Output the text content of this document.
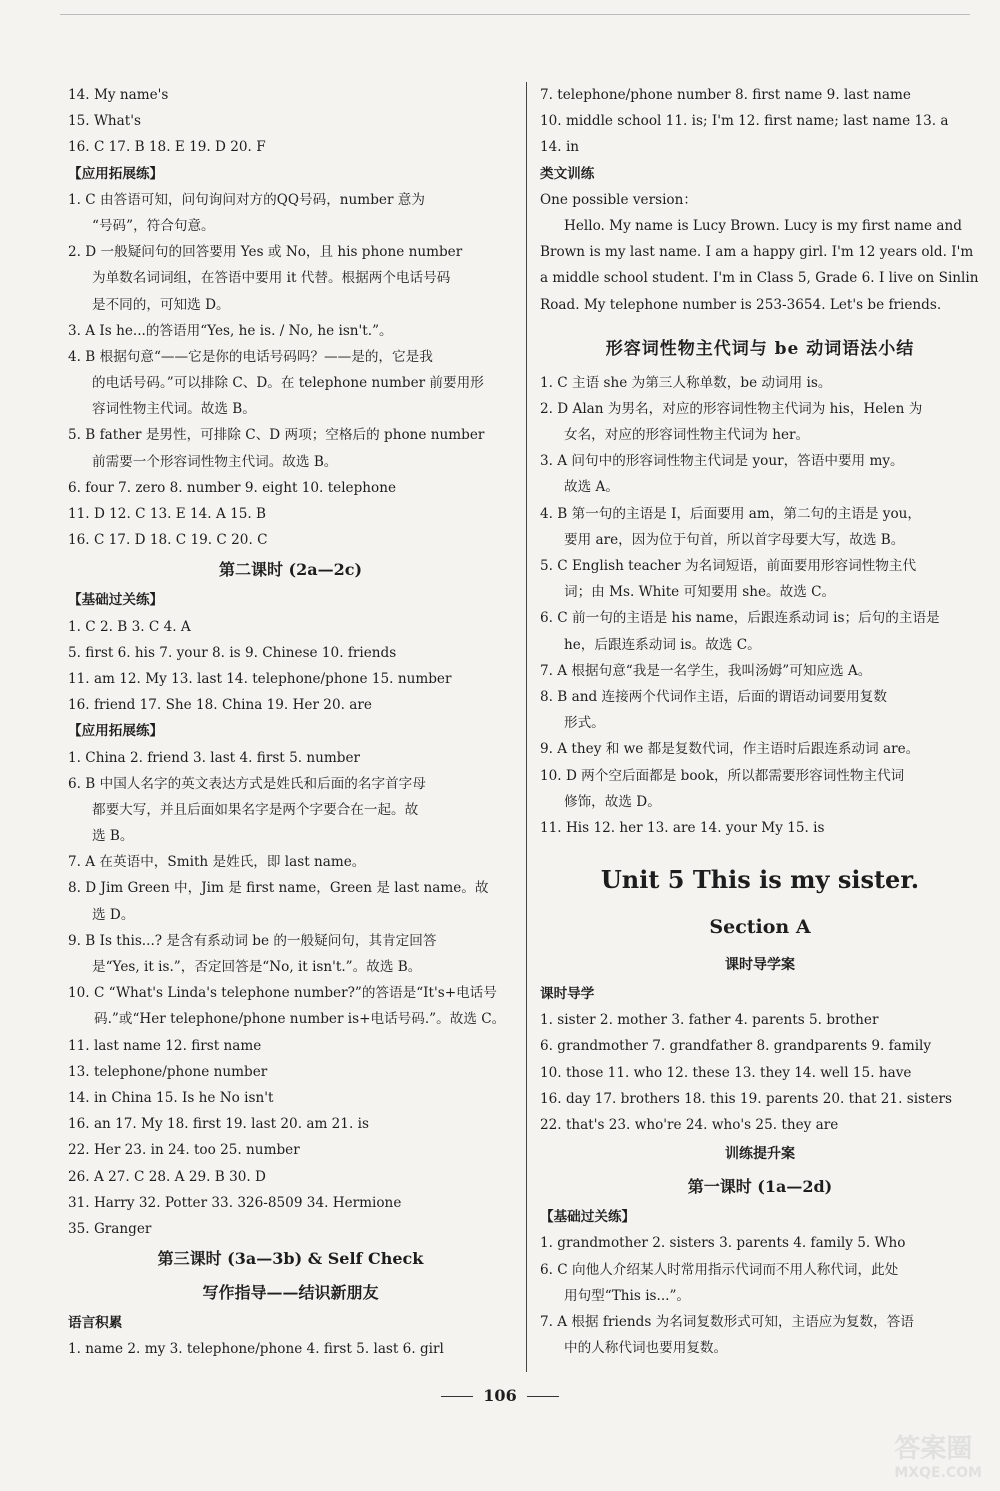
14. My name's
15. What's
16. C 17. B 18. E 19. D 20. F
【应用拓展练】
1. C 由答语可知，问句询问对方的QQ号码，number 意为
“号码”，符合句意。
2. D 一般疑问句的回答要用 Yes 或 No，且 his phone number
为单数名词词组，在答语中要用 it 代替。根据两个电话号码
是不同的，可知选 D。
3. A Is he...的答语用“Yes, he is. / No, he isn't.”。
4. B 根据句意“——它是你的电话号码吗？——是的，它是我
的电话号码。”可以排除 C、D。在 telephone number 前要用形
容词性物主代词。故选 B。
5. B father 是男性，可排除 C、D 两项；空格后的 phone number
前需要一个形容词性物主代词。故选 B。
6. four 7. zero 8. number 9. eight 10. telephone
11. D 12. C 13. E 14. A 15. B
16. C 17. D 18. C 19. C 20. C
第二课时 (2a—2c)
【基础过关练】
1. C 2. B 3. C 4. A
5. first 6. his 7. your 8. is 9. Chinese 10. friends
11. am 12. My 13. last 14. telephone/phone 15. number
16. friend 17. She 18. China 19. Her 20. are
【应用拓展练】
1. China 2. friend 3. last 4. first 5. number
6. B 中国人名字的英文表达方式是姓氏和后面的名字首字母
都要大写，并且后面如果名字是两个字要合在一起。故
选 B。
7. A 在英语中，Smith 是姓氏，即 last name。
8. D Jim Green 中，Jim 是 first name，Green 是 last name。故
选 D。
9. B Is this...? 是含有系动词 be 的一般疑问句，其肯定回答
是“Yes, it is.”，否定回答是“No, it isn't.”。故选 B。
10. C “What's Linda's telephone number?”的答语是“It's+电话号
码.”或“Her telephone/phone number is+电话号码.”。故选 C。
11. last name 12. first name
13. telephone/phone number
14. in China 15. Is he No isn't
16. an 17. My 18. first 19. last 20. am 21. is
22. Her 23. in 24. too 25. number
26. A 27. C 28. A 29. B 30. D
31. Harry 32. Potter 33. 326-8509 34. Hermione
35. Granger
第三课时 (3a—3b) & Self Check
写作指导——结识新朋友
语言积累
1. name 2. my 3. telephone/phone 4. first 5. last 6. girl
7. telephone/phone number 8. first name 9. last name
10. middle school 11. is; I'm 12. first name; last name 13. a
14. in
类文训练
One possible version：
Hello. My name is Lucy Brown. Lucy is my first name and
Brown is my last name. I am a happy girl. I'm 12 years old. I'm
a middle school student. I'm in Class 5, Grade 6. I live on Sinlin
Road. My telephone number is 253-3654. Let's be friends.
形容词性物主代词与 be 动词语法小结
1. C 主语 she 为第三人称单数，be 动词用 is。
2. D Alan 为男名，对应的形容词性物主代词为 his，Helen 为
女名，对应的形容词性物主代词为 her。
3. A 问句中的形容词性物主代词是 your，答语中要用 my。
故选 A。
4. B 第一句的主语是 I，后面要用 am，第二句的主语是 you，
要用 are，因为位于句首，所以首字母要大写，故选 B。
5. C English teacher 为名词短语，前面要用形容词性物主代
词；由 Ms. White 可知要用 she。故选 C。
6. C 前一句的主语是 his name，后跟连系动词 is；后句的主语是
he，后跟连系动词 is。故选 C。
7. A 根据句意“我是一名学生，我叫汤姆”可知应选 A。
8. B and 连接两个代词作主语，后面的谓语动词要用复数
形式。
9. A they 和 we 都是复数代词，作主语时后跟连系动词 are。
10. D 两个空后面都是 book，所以都需要形容词性物主代词
修饰，故选 D。
11. His 12. her 13. are 14. your My 15. is
Unit 5 This is my sister.
Section A
课时导学案
课时导学
1. sister 2. mother 3. father 4. parents 5. brother
6. grandmother 7. grandfather 8. grandparents 9. family
10. those 11. who 12. these 13. they 14. well 15. have
16. day 17. brothers 18. this 19. parents 20. that 21. sisters
22. that's 23. who're 24. who's 25. they are
训练提升案
第一课时 (1a—2d)
【基础过关练】
1. grandmother 2. sisters 3. parents 4. family 5. Who
6. C 向他人介绍某人时常用指示代词而不用人称代词，此处
用句型“This is...”。
7. A 根据 friends 为名词复数形式可知，主语应为复数，答语
中的人称代词也要用复数。
106
答案圈
MXQE.COM
